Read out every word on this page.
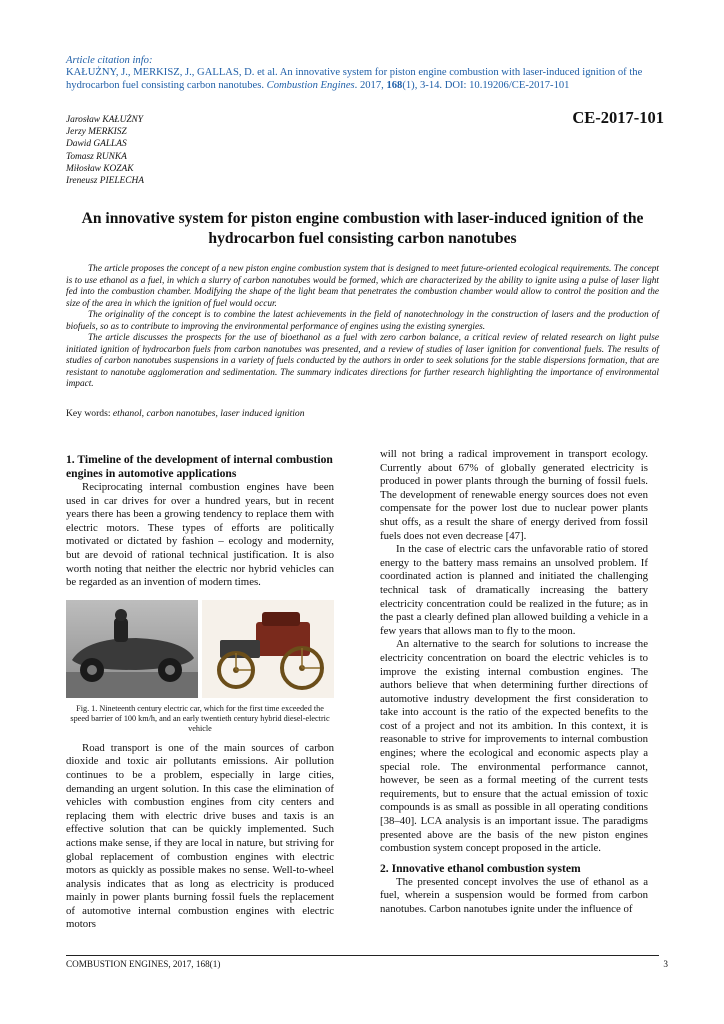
Article citation info:
KAŁUŻNY, J., MERKISZ, J., GALLAS, D. et al. An innovative system for piston engine combustion with laser-induced ignition of the hydrocarbon fuel consisting carbon nanotubes. Combustion Engines. 2017, 168(1), 3-14. DOI: 10.19206/CE-2017-101
Jarosław KAŁUŻNY
Jerzy MERKISZ
Dawid GALLAS
Tomasz RUNKA
Miłosław KOZAK
Ireneusz PIELECHA
CE-2017-101
An innovative system for piston engine combustion with laser-induced ignition of the hydrocarbon fuel consisting carbon nanotubes

The article proposes the concept of a new piston engine combustion system that is designed to meet future-oriented ecological requirements. The concept is to use ethanol as a fuel, in which a slurry of carbon nanotubes would be formed, which are characterized by the ability to ignite using a pulse of laser light fed into the combustion chamber. Modifying the shape of the light beam that penetrates the combustion chamber would allow to control the position and the size of the area in which the ignition of fuel would occur.

The originality of the concept is to combine the latest achievements in the field of nanotechnology in the construction of lasers and the production of biofuels, so as to contribute to improving the environmental performance of engines using the existing synergies.

The article discusses the prospects for the use of bioethanol as a fuel with zero carbon balance, a critical review of related research on light pulse initiated ignition of hydrocarbon fuels from carbon nanotubes was presented, and a review of studies of laser ignition for conventional fuels. The results of studies of carbon nanotubes suspensions in a variety of fuels conducted by the authors in order to seek solutions for the stable dispersions formation, that are resistant to nanotube agglomeration and sedimentation. The summary indicates directions for further research highlighting the importance of environmental impact.

Key words: ethanol, carbon nanotubes, laser induced ignition
1. Timeline of the development of internal combustion engines in automotive applications

Reciprocating internal combustion engines have been used in car drives for over a hundred years, but in recent years there has been a growing tendency to replace them with electric motors. These types of efforts are politically motivated or dictated by fashion – ecology and modernity, but are devoid of rational technical justification. It is also worth noting that neither the electric nor hybrid vehicles can be regarded as an invention of modern times.

Fig. 1. Nineteenth century electric car, which for the first time exceeded the speed barrier of 100 km/h, and an early twentieth century hybrid diesel-electric vehicle

Road transport is one of the main sources of carbon dioxide and toxic air pollutants emissions. Air pollution continues to be a problem, especially in large cities, demanding an urgent solution. In this case the elimination of vehicles with combustion engines from city centers and replacing them with electric drive buses and taxis is an effective solution that can be quickly implemented. Such actions make sense, if they are local in nature, but striving for global replacement of combustion engines with electric motors as quickly as possible makes no sense. Well-to-wheel analysis indicates that as long as electricity is produced mainly in power plants burning fossil fuels the replacement of automotive internal combustion engines with electric motors

will not bring a radical improvement in transport ecology. Currently about 67% of globally generated electricity is produced in power plants through the burning of fossil fuels. The development of renewable energy sources does not even compensate for the power lost due to nuclear power plants shut offs, as a result the share of energy derived from fossil fuels does not even decrease [47].

In the case of electric cars the unfavorable ratio of stored energy to the battery mass remains an unsolved problem. If coordinated action is planned and initiated the challenging technical task of dramatically increasing the battery electricity concentration could be realized in the future; as in the past a clearly defined plan allowed building a vehicle in a few years that allows man to fly to the moon.

An alternative to the search for solutions to increase the electricity concentration on board the electric vehicles is to improve the existing internal combustion engines. The authors believe that when determining further directions of automotive industry development the first consideration to take into account is the ratio of the expected benefits to the cost of a project and not its ambition. In this context, it is reasonable to strive for improvements to internal combustion engines; where the ecological and economic aspects play a special role. The environmental performance cannot, however, be seen as a formal meeting of the current tests requirements, but to ensure that the actual emission of toxic compounds is as small as possible in all operating conditions [38–40]. LCA analysis is an important issue. The paradigms presented above are the basis of the new piston engines combustion system concept proposed in the article.

2. Innovative ethanol combustion system

The presented concept involves the use of ethanol as a fuel, wherein a suspension would be formed from carbon nanotubes. Carbon nanotubes ignite under the influence of

COMBUSTION ENGINES, 2017, 168(1)	3
